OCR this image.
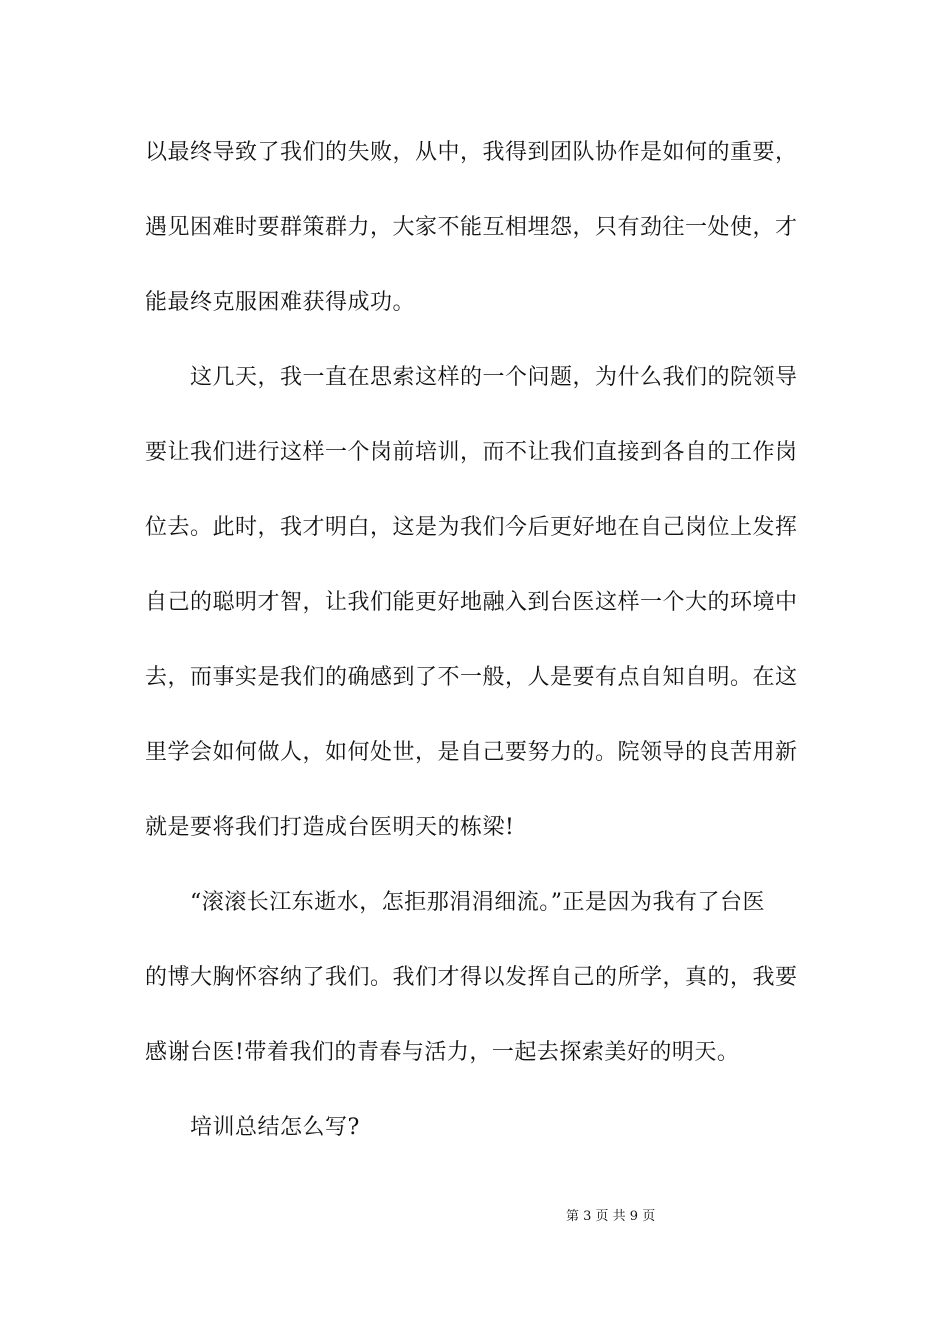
以最终导致了我们的失败，从中，我得到团队协作是如何的重要，
遇见困难时要群策群力，大家不能互相埋怨，只有劲往一处使，才
能最终克服困难获得成功。
这几天，我一直在思索这样的一个问题，为什么我们的院领导
要让我们进行这样一个岗前培训，而不让我们直接到各自的工作岗
位去。此时，我才明白，这是为我们今后更好地在自己岗位上发挥
自己的聪明才智，让我们能更好地融入到台医这样一个大的环境中
去，而事实是我们的确感到了不一般，人是要有点自知自明。在这
里学会如何做人，如何处世，是自己要努力的。院领导的良苦用新
就是要将我们打造成台医明天的栋梁!
“滚滚长江东逝水，怎拒那涓涓细流。”正是因为我有了台医
的博大胸怀容纳了我们。我们才得以发挥自己的所学，真的，我要
感谢台医!带着我们的青春与活力，一起去探索美好的明天。
培训总结怎么写?
第 3 页 共 9 页
